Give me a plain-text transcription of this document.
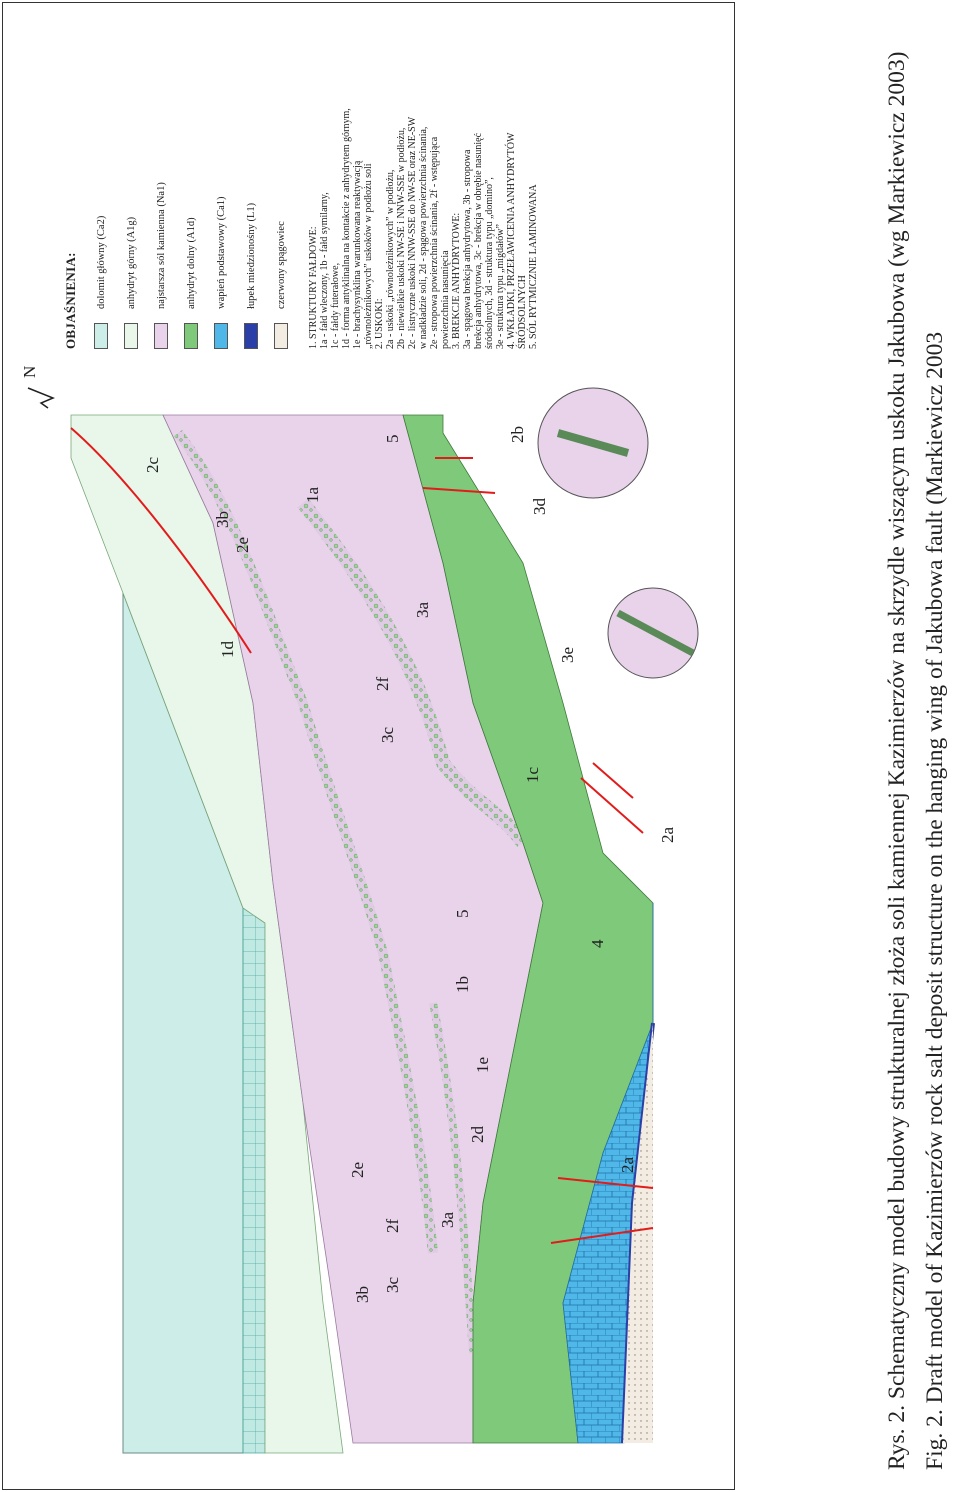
2c
1d
2e
3b
1a
5	2b
3d
3a
2f
3e
3c
1c
2a
5
1b
4
1e
2d
2e
2f 3a
3c
3b
2a
N
OBJAŚNIENIA: dolomit główny (Ca2) anhydryt górny (A1g) najstarsza sól kamienna (Na1) anhydryt dolny (A1d) wapień podstawowy (Ca1) łupek miedzionośny (L1) czerwony spągowiec 1. STRUKTURY FAŁDOWE: 1a - fałd wleczony, 1b - fałd symilarny, 1c - fałdy futerałowe, 1d - forma antyklinalna na kontakcie z anhydrytem górnym, 1e - brachysynklina warunkowana reaktywacją „równoleżnikowych” uskoków w podłożu soli 2. USKOKI: 2a - uskoki „równoleżnikowych” w podłożu, 2b - niewielkie uskoki NW-SE i NNW-SSE w podłożu, 2c - listryczne uskoki NNW-SSE do NW-SE oraz NE-SW w nadkładzie soli, 2d - spągowa powierzchnia ścinania, 2e - stropowa powierzchnia ścinania, 2f - wstępująca powierzchnia nasunięcia 3. BREKCJE ANHYDRYTOWE: 3a - spągowa brekcja anhydrytowa, 3b - stropowa brekcja anhydrytowa, 3c - brekcja w obrębie nasunięć śródsolnych, 3d - struktura typu „domino”, 3e - struktura typu „migdałów” 4. WKŁADKI, PRZEŁAWICENIA ANHYDRYTÓW ŚRÓDSOLNYCH 5. SÓL RYTMICZNIE LAMINOWANA	Rys. 2. Schematyczny model budowy strukturalnej złoża soli kamiennej Kazimierzów na skrzydle wiszącym uskoku Jakubowa (wg Markiewicz 2003) Fig. 2. Draft model of Kazimierzów rock salt deposit structure on the hanging wing of Jakubowa fault (Markiewicz 2003
